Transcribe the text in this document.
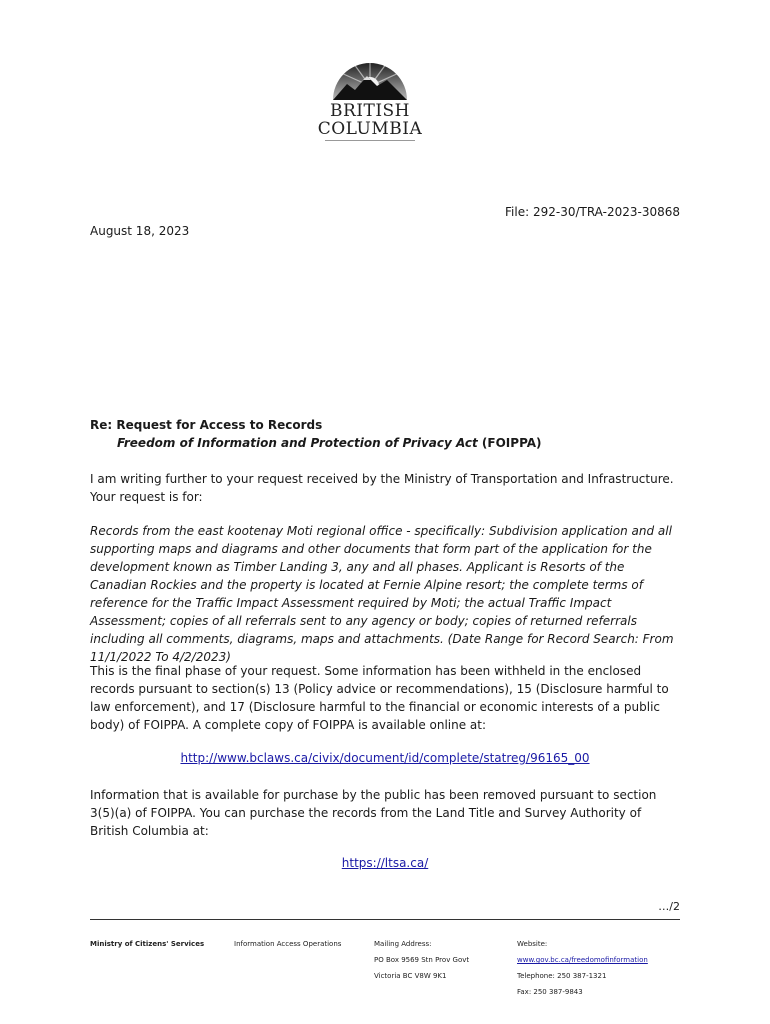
BRITISH
COLUMBIA
File: 292-30/TRA-2023-30868
August 18, 2023
Re: Request for Access to Records
Freedom of Information and Protection of Privacy Act (FOIPPA)
I am writing further to your request received by the Ministry of Transportation and Infrastructure. Your request is for:
Records from the east kootenay Moti regional office - specifically: Subdivision application and all supporting maps and diagrams and other documents that form part of the application for the development known as Timber Landing 3, any and all phases. Applicant is Resorts of the Canadian Rockies and the property is located at Fernie Alpine resort; the complete terms of reference for the Traffic Impact Assessment required by Moti; the actual Traffic Impact Assessment; copies of all referrals sent to any agency or body; copies of returned referrals including all comments, diagrams, maps and attachments. (Date Range for Record Search: From 11/1/2022 To 4/2/2023)
This is the final phase of your request. Some information has been withheld in the enclosed records pursuant to section(s) 13 (Policy advice or recommendations), 15 (Disclosure harmful to law enforcement), and 17 (Disclosure harmful to the financial or economic interests of a public body) of FOIPPA. A complete copy of FOIPPA is available online at:
http://www.bclaws.ca/civix/document/id/complete/statreg/96165_00
Information that is available for purchase by the public has been removed pursuant to section 3(5)(a) of FOIPPA. You can purchase the records from the Land Title and Survey Authority of British Columbia at:
https://ltsa.ca/
…/2
Ministry of Citizens' Services	Information Access Operations	Mailing Address:
PO Box 9569 Stn Prov Govt
Victoria BC V8W 9K1
Website:
www.gov.bc.ca/freedomofinformation
Telephone: 250 387-1321
Fax: 250 387-9843
